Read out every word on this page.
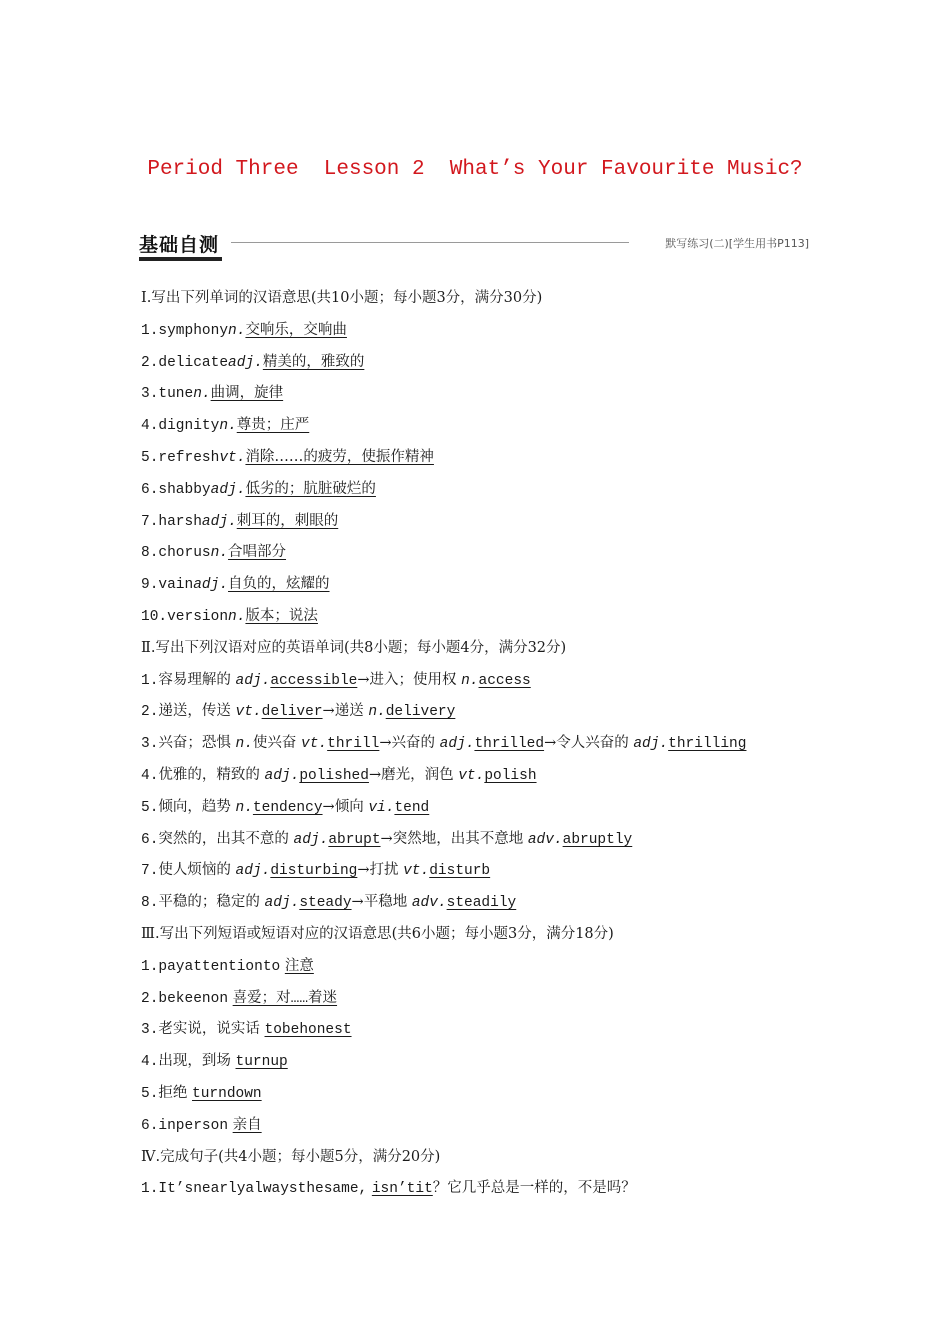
Period Three  Lesson 2  What’s Your Favourite Music?
基础自测	默写练习(二)[学生用书P113]
Ⅰ.写出下列单词的汉语意思(共10小题；每小题3分，满分30分)
1.symphonyn.交响乐，交响曲
2.delicateadj.精美的，雅致的
3.tunen.曲调，旋律
4.dignityn.尊贵；庄严
5.refreshvt.消除……的疲劳，使振作精神
6.shabbyadj.低劣的；肮脏破烂的
7.harshadj.刺耳的，刺眼的
8.chorusn.合唱部分
9.vainadj.自负的，炫耀的
10.versionn.版本；说法
Ⅱ.写出下列汉语对应的英语单词(共8小题；每小题4分，满分32分)
1.容易理解的 adj.accessible→进入；使用权 n.access
2.递送，传送 vt.deliver→递送 n.delivery
3.兴奋；恐惧 n.使兴奋 vt.thrill→兴奋的 adj.thrilled→令人兴奋的 adj.thrilling
4.优雅的，精致的 adj.polished→磨光，润色 vt.polish
5.倾向，趋势 n.tendency→倾向 vi.tend
6.突然的，出其不意的 adj.abrupt→突然地，出其不意地 adv.abruptly
7.使人烦恼的 adj.disturbing→打扰 vt.disturb
8.平稳的；稳定的 adj.steady→平稳地 adv.steadily
Ⅲ.写出下列短语或短语对应的汉语意思(共6小题；每小题3分，满分18分)
1.payattentionto 注意
2.bekeenon 喜爱；对……着迷
3.老实说，说实话 tobehonest
4.出现，到场 turnup
5.拒绝 turndown
6.inperson 亲自
Ⅳ.完成句子(共4小题；每小题5分，满分20分)
1.It’snearlyalwaysthesame, isn’tit？它几乎总是一样的，不是吗？
